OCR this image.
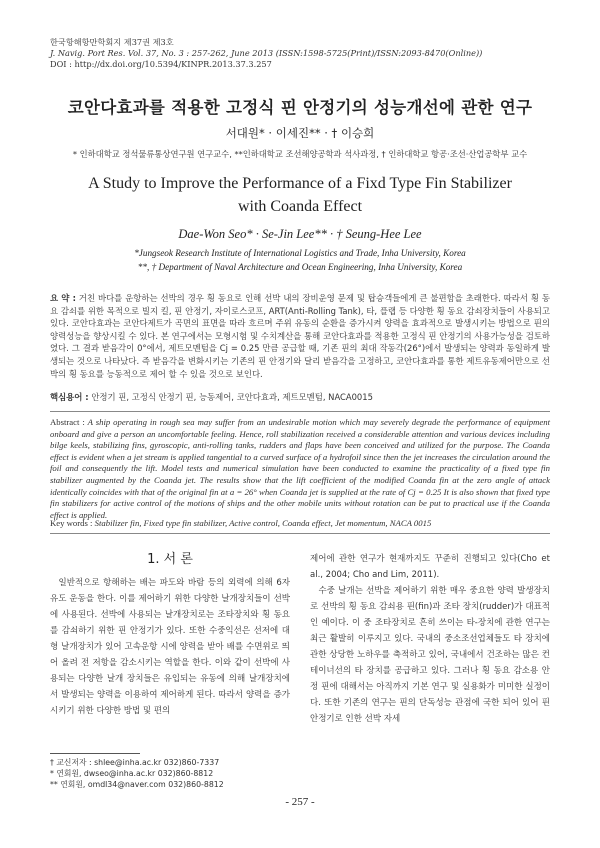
한국항해항만학회지 제37권 제3호
J. Navig. Port Res. Vol. 37, No. 3 : 257-262, June 2013 (ISSN:1598-5725(Print)/ISSN:2093-8470(Online))
DOI : http://dx.doi.org/10.5394/KINPR.2013.37.3.257
코안다효과를 적용한 고정식 핀 안정기의 성능개선에 관한 연구
서대원* · 이세진** · † 이승희
* 인하대학교 정석물류통상연구원 연구교수, **인하대학교 조선해양공학과 석사과정, † 인하대학교 항공·조선·산업공학부 교수
A Study to Improve the Performance of a Fixd Type Fin Stabilizer with Coanda Effect
Dae-Won Seo* · Se-Jin Lee** · † Seung-Hee Lee
*Jungseok Research Institute of International Logistics and Trade, Inha University, Korea
**, † Department of Naval Architecture and Ocean Engineering, Inha University, Korea
요 약 : 거친 바다를 운항하는 선박의 경우 횡 동요로 인해 선박 내의 장비운영 문제 및 탑승객들에게 큰 불편함을 초래한다. 따라서 횡 동요 감쇠를 위한 목적으로 빌지 킬, 핀 안정기, 자이로스코프, ART(Anti-Rolling Tank), 타, 플랩 등 다양한 횡 동요 감쇠장치들이 사용되고 있다. 코안다효과는 코안다제트가 곡면의 표면을 따라 흐르며 주위 유동의 순환을 증가시켜 양력을 효과적으로 발생시키는 방법으로 핀의 양력성능을 향상시킬 수 있다. 본 연구에서는 모형시험 및 수치계산을 통해 코안다효과를 적용한 고정식 핀 안정기의 사용가능성을 검토하였다. 그 결과 받음각이 0°에서, 제트모멘텀을 Cj = 0.25 만큼 공급할 때, 기존 핀의 최대 작동각(26°)에서 발생되는 양력과 동일하게 발생되는 것으로 나타났다. 즉 받음각을 변화시키는 기존의 핀 안정기와 달리 받음각을 고정하고, 코안다효과를 통한 제트유동제어만으로 선박의 횡 동요를 능동적으로 제어 할 수 있을 것으로 보인다.
핵심용어 : 안정기 핀, 고정식 안정기 핀, 능동제어, 코안다효과, 제트모멘텀, NACA0015
Abstract : A ship operating in rough sea may suffer from an undesirable motion which may severely degrade the performance of equipment onboard and give a person an uncomfortable feeling. Hence, roll stabilization received a considerable attention and various devices including bilge keels, stabilizing fins, gyroscopic, anti-rolling tanks, rudders and flaps have been conceived and utilized for the purpose. The Coanda effect is evident when a jet stream is applied tangential to a curved surface of a hydrofoil since then the jet increases the circulation around the foil and consequently the lift. Model tests and numerical simulation have been conducted to examine the practicality of a fixed type fin stabilizer augmented by the Coanda jet. The results show that the lift coefficient of the modified Coanda fin at the zero angle of attack identically coincides with that of the original fin at a = 26° when Coanda jet is supplied at the rate of Cj = 0.25 It is also shown that fixed type fin stabilizers for active control of the motions of ships and the other mobile units without rotation can be put to practical use if the Coanda effect is applied.
Key words : Stabilizer fin, Fixed type fin stabilizer, Active control, Coanda effect, Jet momentum, NACA 0015
1. 서 론
일반적으로 항해하는 배는 파도와 바람 등의 외력에 의해 6자유도 운동을 한다. 이를 제어하기 위한 다양한 날개장치들이 선박에 사용된다. 선박에 사용되는 날개장치로는 조타장치와 횡 동요를 감쇠하기 위한 핀 안정기가 있다. 또한 수중익선은 선저에 대형 날개장치가 있어 고속운항 시에 양력을 받아 배를 수면위로 띄어 올려 전 저항을 감소시키는 역할을 한다. 이와 같이 선박에 사용되는 다양한 날개 장치들은 유입되는 유동에 의해 날개장치에서 발생되는 양력을 이용하여 제어하게 된다. 따라서 양력을 증가시키기 위한 다양한 방법 및 편의
제어에 관한 연구가 현재까지도 꾸준히 진행되고 있다(Cho et al., 2004; Cho and Lim, 2011).
수중 날개는 선박을 제어하기 위한 매우 중요한 양력 발생장치로 선박의 횡 동요 감쇠용 핀(fin)과 조타 장치(rudder)가 대표적인 예이다. 이 중 조타장치로 흔히 쓰이는 타-장치에 관한 연구는 최근 활발히 이루지고 있다. 국내의 중소조선업체들도 타 장치에 관한 상당한 노하우를 축적하고 있어, 국내에서 건조하는 많은 컨테이너선의 타 장치를 공급하고 있다. 그러나 횡 동요 감소용 안정 핀에 대해서는 아직까지 기본 연구 및 실용화가 미미한 실정이다. 또한 기존의 연구는 핀의 단독성능 관점에 국한 되어 있어 핀 안정기로 인한 선박 자세
† 교신저자 : shlee@inha.ac.kr 032)860-7337
* 연회원, dwseo@inha.ac.kr 032)860-8812
** 연회원, omdl34@naver.com 032)860-8812
- 257 -
